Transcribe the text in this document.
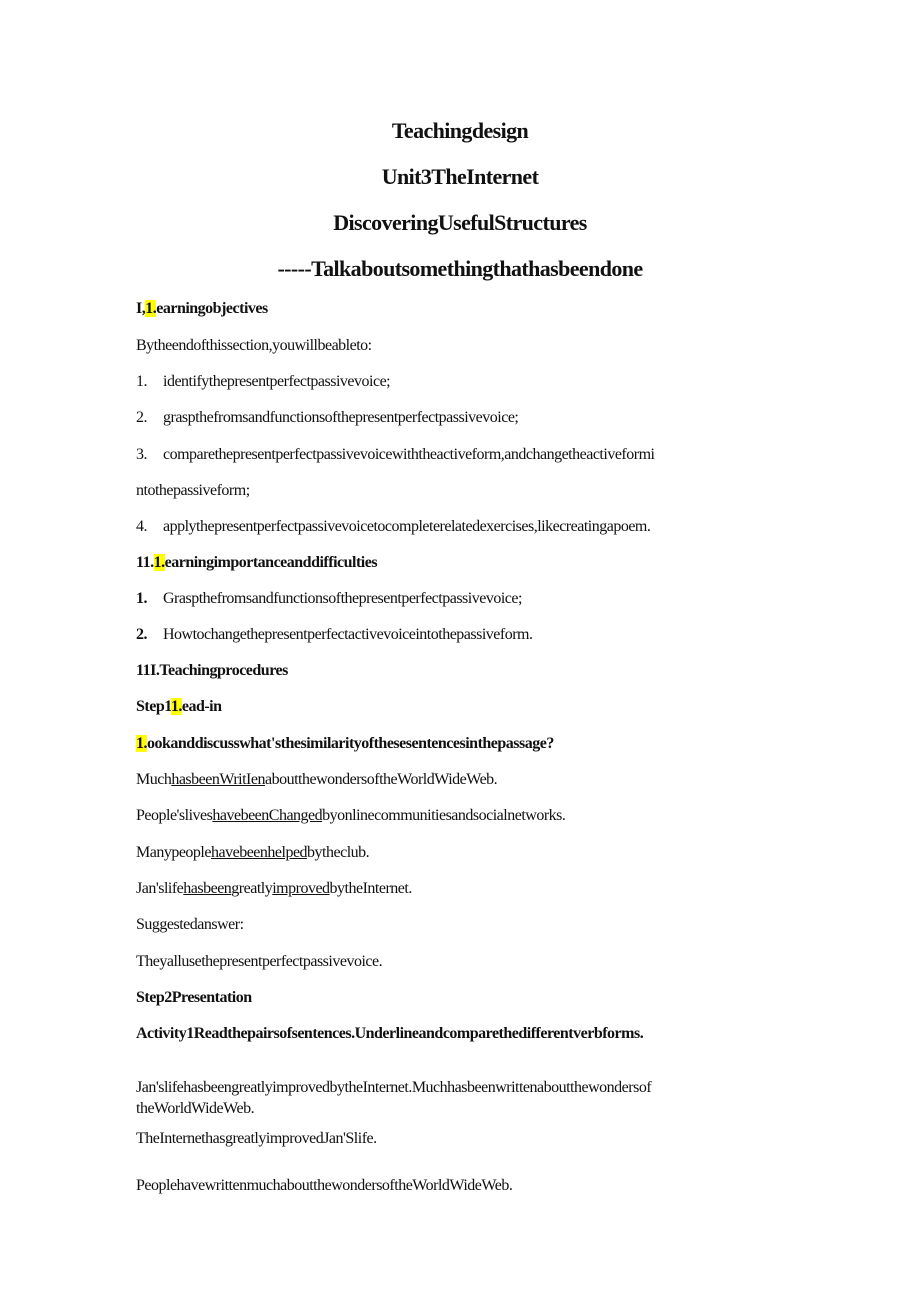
Teachingdesign
Unit3TheInternet
DiscoveringUsefulStructures
-----Talkaboutsomethingthathasbeendone
I,1.earningobjectives
Bytheendofthissection,youwillbeableto:
1. identifythepresentperfectpassivevoice;
2. graspthefromsandfunctionsofthepresentperfectpassivevoice;
3. comparethepresentperfectpassivevoicewiththeactiveform,andchangetheactiveformi
ntothepassiveform;
4. applythepresentperfectpassivevoicetocompleterelatedexercises,likecreatingapoem.
11.1.earningimportanceanddifficulties
1. Graspthefromsandfunctionsofthepresentperfectpassivevoice;
2. Howtochangethepresentperfectactivevoiceintothepassiveform.
11I.Teachingprocedures
Step11.ead-in
1.ookanddiscusswhat'sthesimilarityofthesesentencesinthepassage?
MuchhasbeenWritIenaboutthewondersoftheWorldWideWeb.
People'sliveshavebeenChangedbyonlinecommunitiesandsocialnetworks.
Manypeoplehavebeenhelpedbytheclub.
Jan'slifehasbeengreatlyimprovedbytheInternet.
Suggestedanswer:
Theyallusethepresentperfectpassivevoice.
Step2Presentation
Activity1Readthepairsofsentences.Underlineandcomparethedifferentverbforms.
Jan'slifehasbeengreatlyimprovedbytheInternet.Muchhasbeenwrittenaboutthewondersof
theWorldWideWeb.
TheInternethasgreatlyimprovedJan'Slife.
PeoplehavewrittenmuchaboutthewondersoftheWorldWideWeb.
